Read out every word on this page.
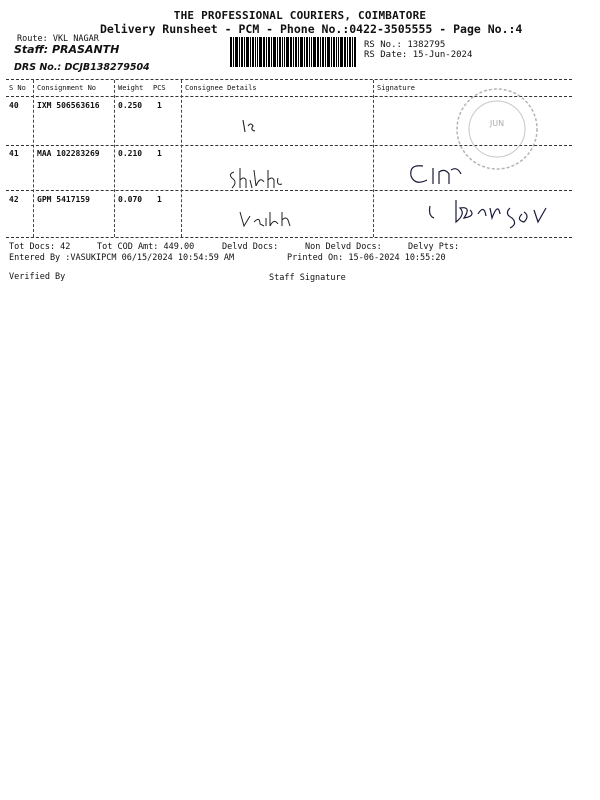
THE PROFESSIONAL COURIERS, COIMBATORE
Delivery Runsheet - PCM - Phone No.:0422-3505555 - Page No.:4
Route: VKL NAGAR
Staff: PRASANTH
DRS No.: DCJB138279504
RS No.: 1382795
RS Date: 15-Jun-2024
S No Consignment No	Weight PCS	Consignee Details	Signature
40 IXM 506563616 0.250 1
41 MAA 102283269 0.210 1
42 GPM 5417159	0.070 1
JUN
Tot Docs: 42	Tot COD Amt: 449.00	Delvd Docs:	Non Delvd Docs:	Delvy Pts:
Entered By :VASUKIPCM 06/15/2024 10:54:59 AM	Printed On: 15-06-2024 10:55:20
Verified By	Staff Signature
